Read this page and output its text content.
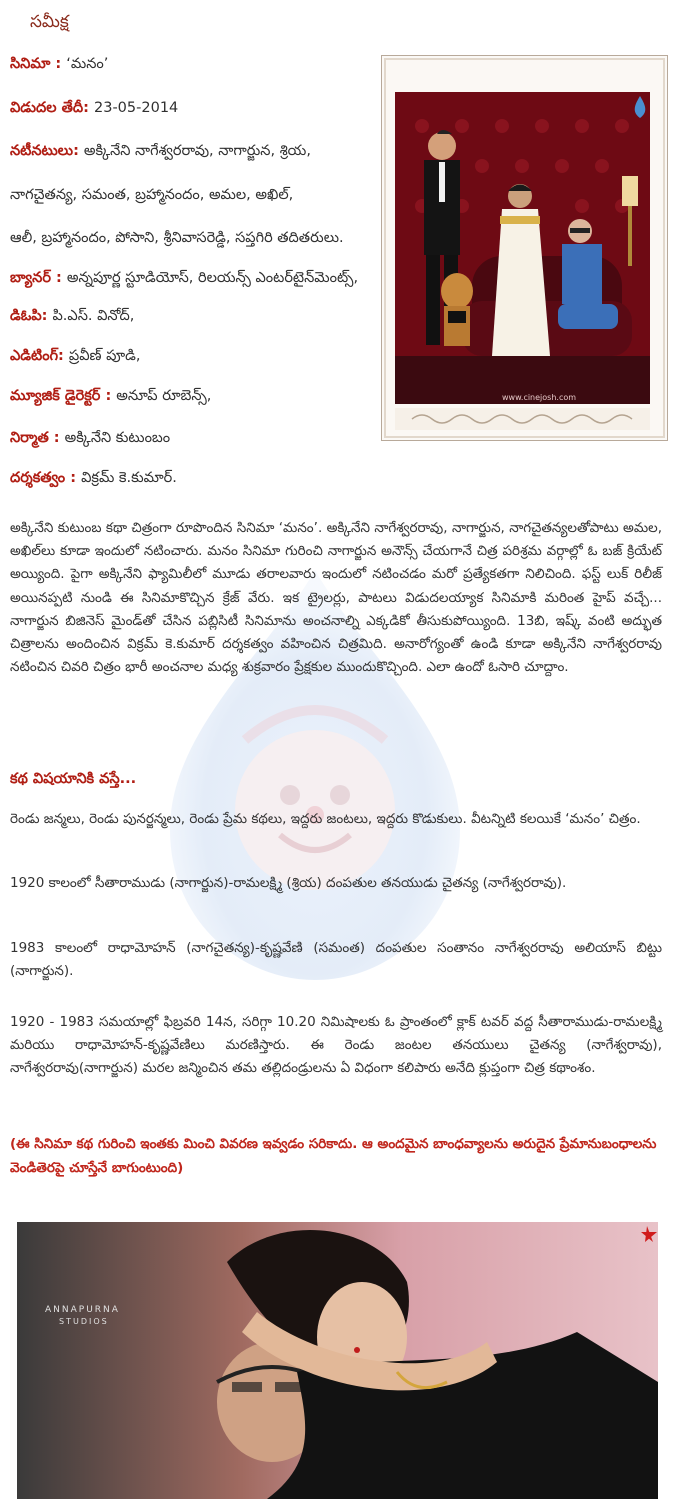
సమీక్ష
సినిమా : ‘మనం’
విడుదల తేదీ: 23-05-2014
నటీనటులు: అక్కినేని నాగేశ్వరరావు, నాగార్జున, శ్రియ,
నాగచైతన్య, సమంత, బ్రహ్మానందం, అమల, అఖిల్,
ఆలీ, బ్రహ్మానందం, పోసాని, శ్రీనివాసరెడ్డి, సప్తగిరి తదితరులు.
బ్యానర్ : అన్నపూర్ణ స్టూడియోస్, రిలయన్స్ ఎంటర్‌టైన్‌మెంట్స్,
డిఓపి: పి.ఎస్. వినోద్,
ఎడిటింగ్: ప్రవీణ్ పూడి,
మ్యూజిక్ డైరెక్టర్ : అనూప్ రూబెన్స్,
నిర్మాత : అక్కినేని కుటుంబం
దర్శకత్వం : విక్రమ్ కె.కుమార్.
www.cinejosh.com

అక్కినేని కుటుంబ కథా చిత్రంగా రూపొందిన సినిమా ‘మనం’. అక్కినేని నాగేశ్వరరావు, నాగార్జున, నాగచైతన్యలతోపాటు అమల, అఖిల్‌లు కూడా ఇందులో నటించారు. మనం సినిమా గురించి నాగార్జున అనౌన్స్ చేయగానే చిత్ర పరిశ్రమ వర్గాల్లో ఓ బజ్ క్రియేట్ అయ్యింది. పైగా అక్కినేని ఫ్యామిలీలో మూడు తరాలవారు ఇందులో నటించడం మరో ప్రత్యేకతగా నిలిచింది. ఫస్ట్ లుక్ రిలీజ్ అయినప్పటి నుండి ఈ సినిమాకొచ్చిన క్రేజ్ వేరు. ఇక ట్రైలర్లు, పాటలు విడుదలయ్యాక సినిమాకి మరింత హైప్ వచ్చే... నాగార్జున బిజినెస్ మైండ్‌తో చేసిన పబ్లిసిటీ సినిమాను అంచనాల్ని ఎక్కడికో తీసుకుపోయ్యింది. 13బి, ఇష్క్ వంటి అద్భుత చిత్రాలను అందించిన విక్రమ్ కె.కుమార్ దర్శకత్వం వహించిన చిత్రమిది. అనారోగ్యంతో ఉండి కూడా అక్కినేని నాగేశ్వరరావు నటించిన చివరి చిత్రం భారీ అంచనాల మధ్య శుక్రవారం ప్రేక్షకుల ముందుకొచ్చింది. ఎలా ఉందో ఓసారి చూద్దాం.

కథ విషయానికి వస్తే...

రెండు జన్మలు, రెండు పునర్జన్మలు, రెండు ప్రేమ కథలు, ఇద్దరు జంటలు, ఇద్దరు కొడుకులు. వీటన్నిటి కలయికే ‘మనం’ చిత్రం.

1920 కాలంలో సీతారాముడు (నాగార్జున)-రామలక్ష్మి (శ్రియ) దంపతుల తనయుడు చైతన్య (నాగేశ్వరరావు).

1983 కాలంలో రాధామోహన్ (నాగచైతన్య)-కృష్ణవేణి (సమంత) దంపతుల సంతానం నాగేశ్వరరావు అలియాస్ బిట్టు (నాగార్జున).

1920 - 1983 సమయాల్లో ఫిబ్రవరి 14న, సరిగ్గా 10.20 నిమిషాలకు ఓ ప్రాంతంలో క్లాక్ టవర్ వద్ద సీతారాముడు-రామలక్ష్మి మరియు రాధామోహన్-కృష్ణవేణిలు మరణిస్తారు. ఈ రెండు జంటల తనయులు చైతన్య (నాగేశ్వరావు), నాగేశ్వరరావు(నాగార్జున) మరల జన్మించిన తమ తల్లిదండ్రులను ఏ విధంగా కలిపారు అనేది క్లుప్తంగా చిత్ర కథాంశం.

(ఈ సినిమా కథ గురించి ఇంతకు మించి వివరణ ఇవ్వడం సరికాదు. ఆ అందమైన బాంధవ్యాలను అరుదైన ప్రేమానుబంధాలను వెండితెరపై చూస్తేనే బాగుంటుంది)
ANNAPURNA
STUDIOS
